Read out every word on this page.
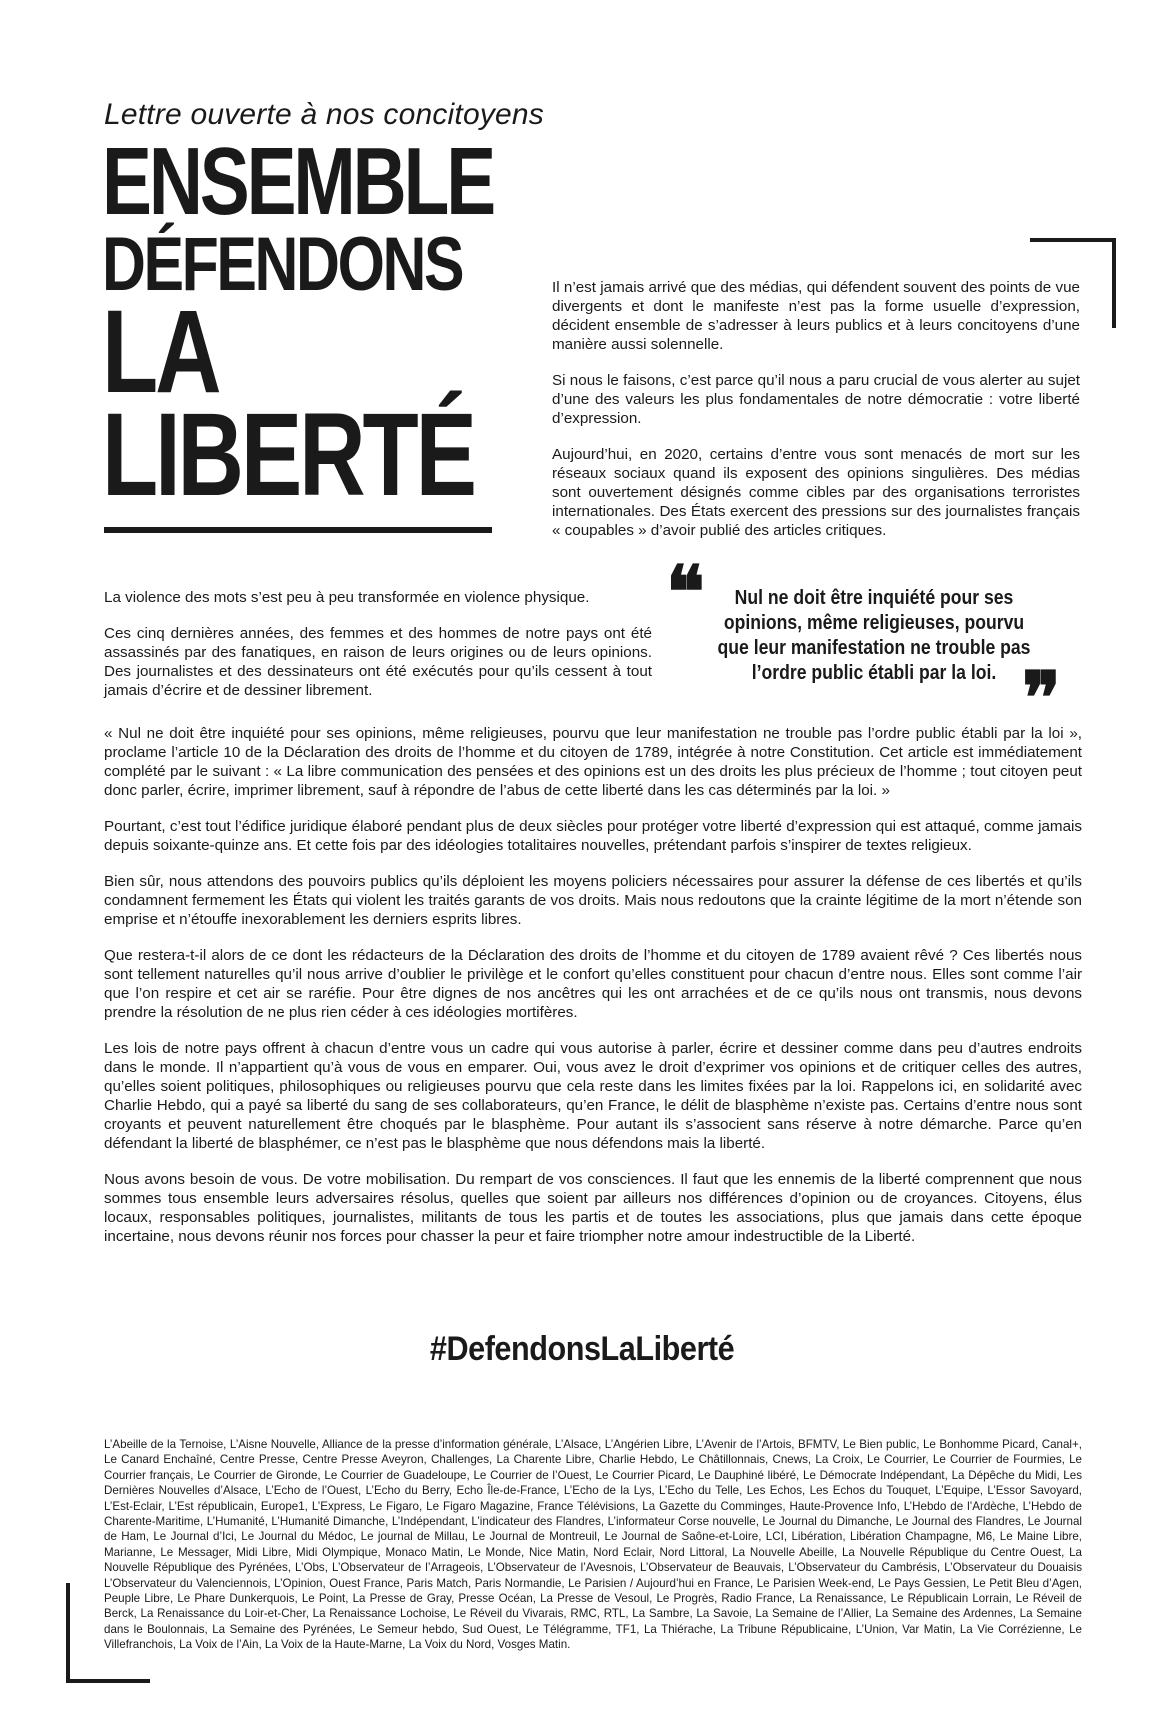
Lettre ouverte à nos concitoyens
ENSEMBLE
DÉFENDONS
LA
LIBERTÉ

Il n’est jamais arrivé que des médias, qui défendent souvent des points de vue divergents et dont le manifeste n’est pas la forme usuelle d’expression, décident ensemble de s’adresser à leurs publics et à leurs concitoyens d’une manière aussi solennelle.

Si nous le faisons, c’est parce qu’il nous a paru crucial de vous alerter au sujet d’une des valeurs les plus fondamentales de notre démocratie : votre liberté d’expression.

Aujourd’hui, en 2020, certains d’entre vous sont menacés de mort sur les réseaux sociaux quand ils exposent des opinions singulières. Des médias sont ouvertement désignés comme cibles par des organisations terroristes internationales. Des États exercent des pressions sur des journalistes français « coupables » d’avoir publié des articles critiques.

La violence des mots s’est peu à peu transformée en violence physique.

Ces cinq dernières années, des femmes et des hommes de notre pays ont été assassinés par des fanatiques, en raison de leurs origines ou de leurs opinions. Des journalistes et des dessinateurs ont été exécutés pour qu’ils cessent à tout jamais d’écrire et de dessiner librement.

❝	Nul ne doit être inquiété pour ses opinions, même religieuses, pourvu que leur manifestation ne trouble pas l’ordre public établi par la loi. ❞

« Nul ne doit être inquiété pour ses opinions, même religieuses, pourvu que leur manifestation ne trouble pas l’ordre public établi par la loi », proclame l’article 10 de la Déclaration des droits de l’homme et du citoyen de 1789, intégrée à notre Constitution. Cet article est immédiatement complété par le suivant : « La libre communication des pensées et des opinions est un des droits les plus précieux de l’homme ; tout citoyen peut donc parler, écrire, imprimer librement, sauf à répondre de l’abus de cette liberté dans les cas déterminés par la loi. »

Pourtant, c’est tout l’édifice juridique élaboré pendant plus de deux siècles pour protéger votre liberté d’expression qui est attaqué, comme jamais depuis soixante-quinze ans. Et cette fois par des idéologies totalitaires nouvelles, prétendant parfois s’inspirer de textes religieux.

Bien sûr, nous attendons des pouvoirs publics qu’ils déploient les moyens policiers nécessaires pour assurer la défense de ces libertés et qu’ils condamnent fermement les États qui violent les traités garants de vos droits. Mais nous redoutons que la crainte légitime de la mort n’étende son emprise et n’étouffe inexorablement les derniers esprits libres.

Que restera-t-il alors de ce dont les rédacteurs de la Déclaration des droits de l’homme et du citoyen de 1789 avaient rêvé ? Ces libertés nous sont tellement naturelles qu’il nous arrive d’oublier le privilège et le confort qu’elles constituent pour chacun d’entre nous. Elles sont comme l’air que l’on respire et cet air se raréfie. Pour être dignes de nos ancêtres qui les ont arrachées et de ce qu’ils nous ont transmis, nous devons prendre la résolution de ne plus rien céder à ces idéologies mortifères.

Les lois de notre pays offrent à chacun d’entre vous un cadre qui vous autorise à parler, écrire et dessiner comme dans peu d’autres endroits dans le monde. Il n’appartient qu’à vous de vous en emparer. Oui, vous avez le droit d’exprimer vos opinions et de critiquer celles des autres, qu’elles soient politiques, philosophiques ou religieuses pourvu que cela reste dans les limites fixées par la loi. Rappelons ici, en solidarité avec Charlie Hebdo, qui a payé sa liberté du sang de ses collaborateurs, qu’en France, le délit de blasphème n’existe pas. Certains d’entre nous sont croyants et peuvent naturellement être choqués par le blasphème. Pour autant ils s’associent sans réserve à notre démarche. Parce qu’en défendant la liberté de blasphémer, ce n’est pas le blasphème que nous défendons mais la liberté.

Nous avons besoin de vous. De votre mobilisation. Du rempart de vos consciences. Il faut que les ennemis de la liberté comprennent que nous sommes tous ensemble leurs adversaires résolus, quelles que soient par ailleurs nos différences d’opinion ou de croyances. Citoyens, élus locaux, responsables politiques, journalistes, militants de tous les partis et de toutes les associations, plus que jamais dans cette époque incertaine, nous devons réunir nos forces pour chasser la peur et faire triompher notre amour indestructible de la Liberté.

#DefendonsLaLiberté
L’Abeille de la Ternoise, L’Aisne Nouvelle, Alliance de la presse d’information générale, L’Alsace, L’Angérien Libre, L’Avenir de l’Artois, BFMTV, Le Bien public, Le Bonhomme Picard, Canal+, Le Canard Enchaîné, Centre Presse, Centre Presse Aveyron, Challenges, La Charente Libre, Charlie Hebdo, Le Châtillonnais, Cnews, La Croix, Le Courrier, Le Courrier de Fourmies, Le Courrier français, Le Courrier de Gironde, Le Courrier de Guadeloupe, Le Courrier de l’Ouest, Le Courrier Picard, Le Dauphiné libéré, Le Démocrate Indépendant, La Dépêche du Midi, Les Dernières Nouvelles d’Alsace, L’Echo de l’Ouest, L’Echo du Berry, Echo Île-de-France, L’Echo de la Lys, L’Echo du Telle, Les Echos, Les Echos du Touquet, L’Equipe, L’Essor Savoyard, L’Est-Eclair, L’Est républicain, Europe1, L’Express, Le Figaro, Le Figaro Magazine, France Télévisions, La Gazette du Comminges, Haute-Provence Info, L’Hebdo de l’Ardèche, L’Hebdo de Charente-Maritime, L’Humanité, L’Humanité Dimanche, L’Indépendant, L’indicateur des Flandres, L’informateur Corse nouvelle, Le Journal du Dimanche, Le Journal des Flandres, Le Journal de Ham, Le Journal d’Ici, Le Journal du Médoc, Le journal de Millau, Le Journal de Montreuil, Le Journal de Saône-et-Loire, LCI, Libération, Libération Champagne, M6, Le Maine Libre, Marianne, Le Messager, Midi Libre, Midi Olympique, Monaco Matin, Le Monde, Nice Matin, Nord Eclair, Nord Littoral, La Nouvelle Abeille, La Nouvelle République du Centre Ouest, La Nouvelle République des Pyrénées, L’Obs, L’Observateur de l’Arrageois, L’Observateur de l’Avesnois, L’Observateur de Beauvais, L’Observateur du Cambrésis, L’Observateur du Douaisis L’Observateur du Valenciennois, L’Opinion, Ouest France, Paris Match, Paris Normandie, Le Parisien / Aujourd’hui en France, Le Parisien Week-end, Le Pays Gessien, Le Petit Bleu d’Agen, Peuple Libre, Le Phare Dunkerquois, Le Point, La Presse de Gray, Presse Océan, La Presse de Vesoul, Le Progrès, Radio France, La Renaissance, Le Républicain Lorrain, Le Réveil de Berck, La Renaissance du Loir-et-Cher, La Renaissance Lochoise, Le Réveil du Vivarais, RMC, RTL, La Sambre, La Savoie, La Semaine de l’Allier, La Semaine des Ardennes, La Semaine dans le Boulonnais, La Semaine des Pyrénées, Le Semeur hebdo, Sud Ouest, Le Télégramme, TF1, La Thiérache, La Tribune Républicaine, L’Union, Var Matin, La Vie Corrézienne, Le Villefranchois, La Voix de l’Ain, La Voix de la Haute-Marne, La Voix du Nord, Vosges Matin.
